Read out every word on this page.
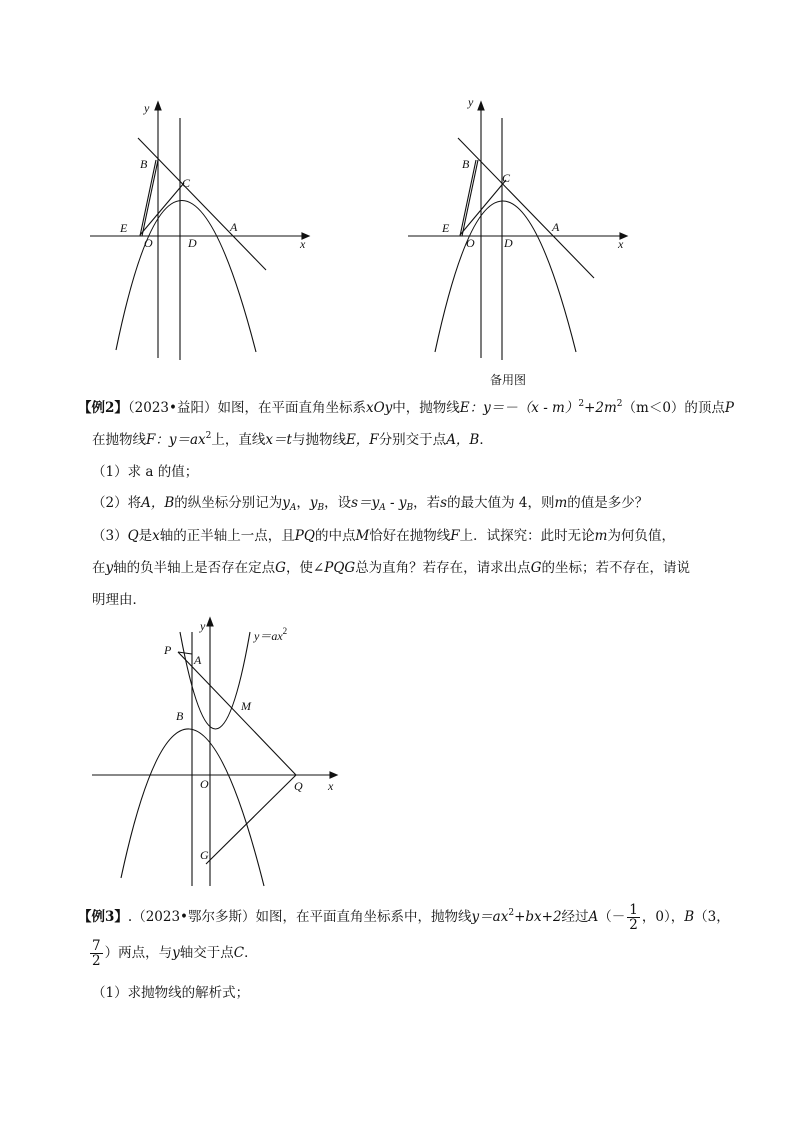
y
x
B
C
E
O	D
A
y
x
B
C
E
O D
A
备用图
【例2】（2023•益阳）如图，在平面直角坐标系xOy中，抛物线E：$y=-(x - m)^2+2m^2(m<0)$的顶点P
在抛物线F：$y=ax^2$上，直线x＝t与抛物线E，F分别交于点A，B．
（1）求 a 的值；
（2）将A，B的纵坐标分别记为$y_A$，$y_B$，设$s=y_A - y_B$，若s的最大值为 4，则m的值是多少？
（3）Q是x轴的正半轴上一点，且PQ的中点M恰好在抛物线F上．试探究：此时无论m为何负值，
在y轴的负半轴上是否存在定点G，使∠PQG总为直角？若存在，请求出点G的坐标；若不存在，请说
明理由．
y
$y=ax^2$
P
A
B
M
O	Q x
G
【例3】.（2023•鄂尔多斯）如图，在平面直角坐标系中，抛物线$y=ax^2+bx+2$经过$A(- \frac{1}{2}$ ，0），B（3，
$\frac{7}{2}$ ）两点，与y轴交于点C．
（1）求抛物线的解析式；
